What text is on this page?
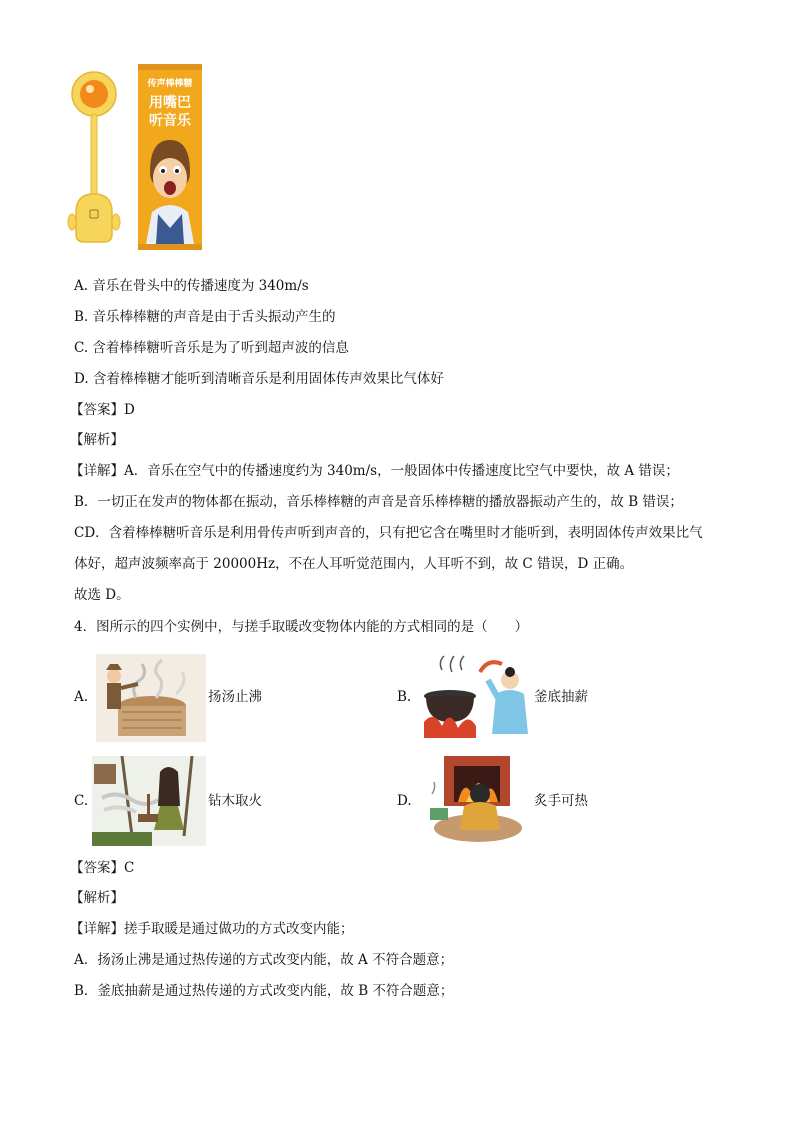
传声棒棒糖
用嘴巴
听音乐
A. 音乐在骨头中的传播速度为 340m/s
B. 音乐棒棒糖的声音是由于舌头振动产生的
C. 含着棒棒糖听音乐是为了听到超声波的信息
D. 含着棒棒糖才能听到清晰音乐是利用固体传声效果比气体好
【答案】D
【解析】
【详解】A．音乐在空气中的传播速度约为 340m/s，一般固体中传播速度比空气中要快，故 A 错误；
B．一切正在发声的物体都在振动，音乐棒棒糖的声音是音乐棒棒糖的播放器振动产生的，故 B 错误；
CD．含着棒棒糖听音乐是利用骨传声听到声音的，只有把它含在嘴里时才能听到，表明固体传声效果比气
体好，超声波频率高于 20000Hz，不在人耳听觉范围内，人耳听不到，故 C 错误，D 正确。
故选 D。
4．图所示的四个实例中，与搓手取暖改变物体内能的方式相同的是（　　）
A.	扬汤止沸	B.	釜底抽薪
C.	钻木取火	D.	炙手可热
【答案】C
【解析】
【详解】搓手取暖是通过做功的方式改变内能；
A．扬汤止沸是通过热传递的方式改变内能，故 A 不符合题意；
B．釜底抽薪是通过热传递的方式改变内能，故 B 不符合题意；
